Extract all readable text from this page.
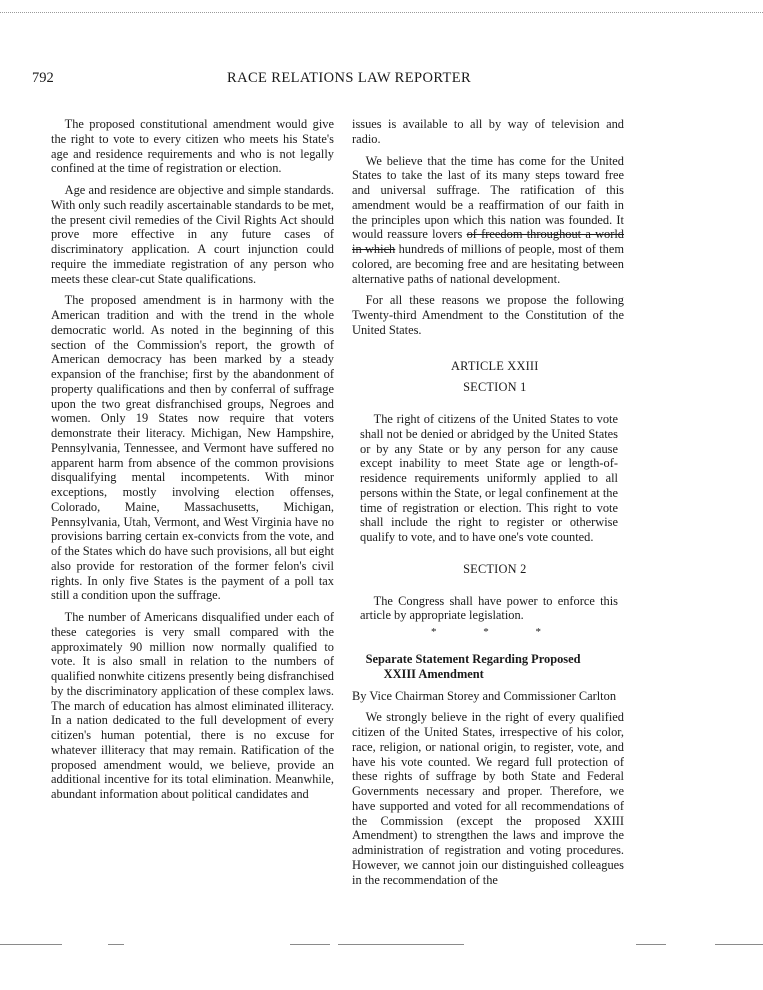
792	RACE RELATIONS LAW REPORTER

The proposed constitutional amendment would give the right to vote to every citizen who meets his State's age and residence requirements and who is not legally confined at the time of registration or election.

Age and residence are objective and simple standards. With only such readily ascertainable standards to be met, the present civil remedies of the Civil Rights Act should prove more effective in any future cases of discriminatory application. A court injunction could require the immediate registration of any person who meets these clear-cut State qualifications.

The proposed amendment is in harmony with the American tradition and with the trend in the whole democratic world. As noted in the beginning of this section of the Commission's report, the growth of American democracy has been marked by a steady expansion of the franchise; first by the abandonment of property qualifications and then by conferral of suffrage upon the two great disfranchised groups, Negroes and women. Only 19 States now require that voters demonstrate their literacy. Michigan, New Hampshire, Pennsylvania, Tennessee, and Vermont have suffered no apparent harm from absence of the common provisions disqualifying mental incompetents. With minor exceptions, mostly involving election offenses, Colorado, Maine, Massachusetts, Michigan, Pennsylvania, Utah, Vermont, and West Virginia have no provisions barring certain ex-convicts from the vote, and of the States which do have such provisions, all but eight also provide for restoration of the former felon's civil rights. In only five States is the payment of a poll tax still a condition upon the suffrage.

The number of Americans disqualified under each of these categories is very small compared with the approximately 90 million now normally qualified to vote. It is also small in relation to the numbers of qualified nonwhite citizens presently being disfranchised by the discriminatory application of these complex laws. The march of education has almost eliminated illiteracy. In a nation dedicated to the full development of every citizen's human potential, there is no excuse for whatever illiteracy that may remain. Ratification of the proposed amendment would, we believe, provide an additional incentive for its total elimination. Meanwhile, abundant information about political candidates and

issues is available to all by way of television and radio.

We believe that the time has come for the United States to take the last of its many steps toward free and universal suffrage. The ratification of this amendment would be a reaffirmation of our faith in the principles upon which this nation was founded. It would reassure lovers of freedom throughout a world in which hundreds of millions of people, most of them colored, are becoming free and are hesitating between alternative paths of national development.

For all these reasons we propose the following Twenty-third Amendment to the Constitution of the United States.

ARTICLE XXIII

SECTION 1

The right of citizens of the United States to vote shall not be denied or abridged by the United States or by any State or by any person for any cause except inability to meet State age or length-of-residence requirements uniformly applied to all persons within the State, or legal confinement at the time of registration or election. This right to vote shall include the right to register or otherwise qualify to vote, and to have one's vote counted.

SECTION 2

The Congress shall have power to enforce this article by appropriate legislation.

* * *

Separate Statement Regarding Proposed
XXIII Amendment

By Vice Chairman Storey and Commissioner Carlton

We strongly believe in the right of every qualified citizen of the United States, irrespective of his color, race, religion, or national origin, to register, vote, and have his vote counted. We regard full protection of these rights of suffrage by both State and Federal Governments necessary and proper. Therefore, we have supported and voted for all recommendations of the Commission (except the proposed XXIII Amendment) to strengthen the laws and improve the administration of registration and voting procedures. However, we cannot join our distinguished colleagues in the recommendation of the
